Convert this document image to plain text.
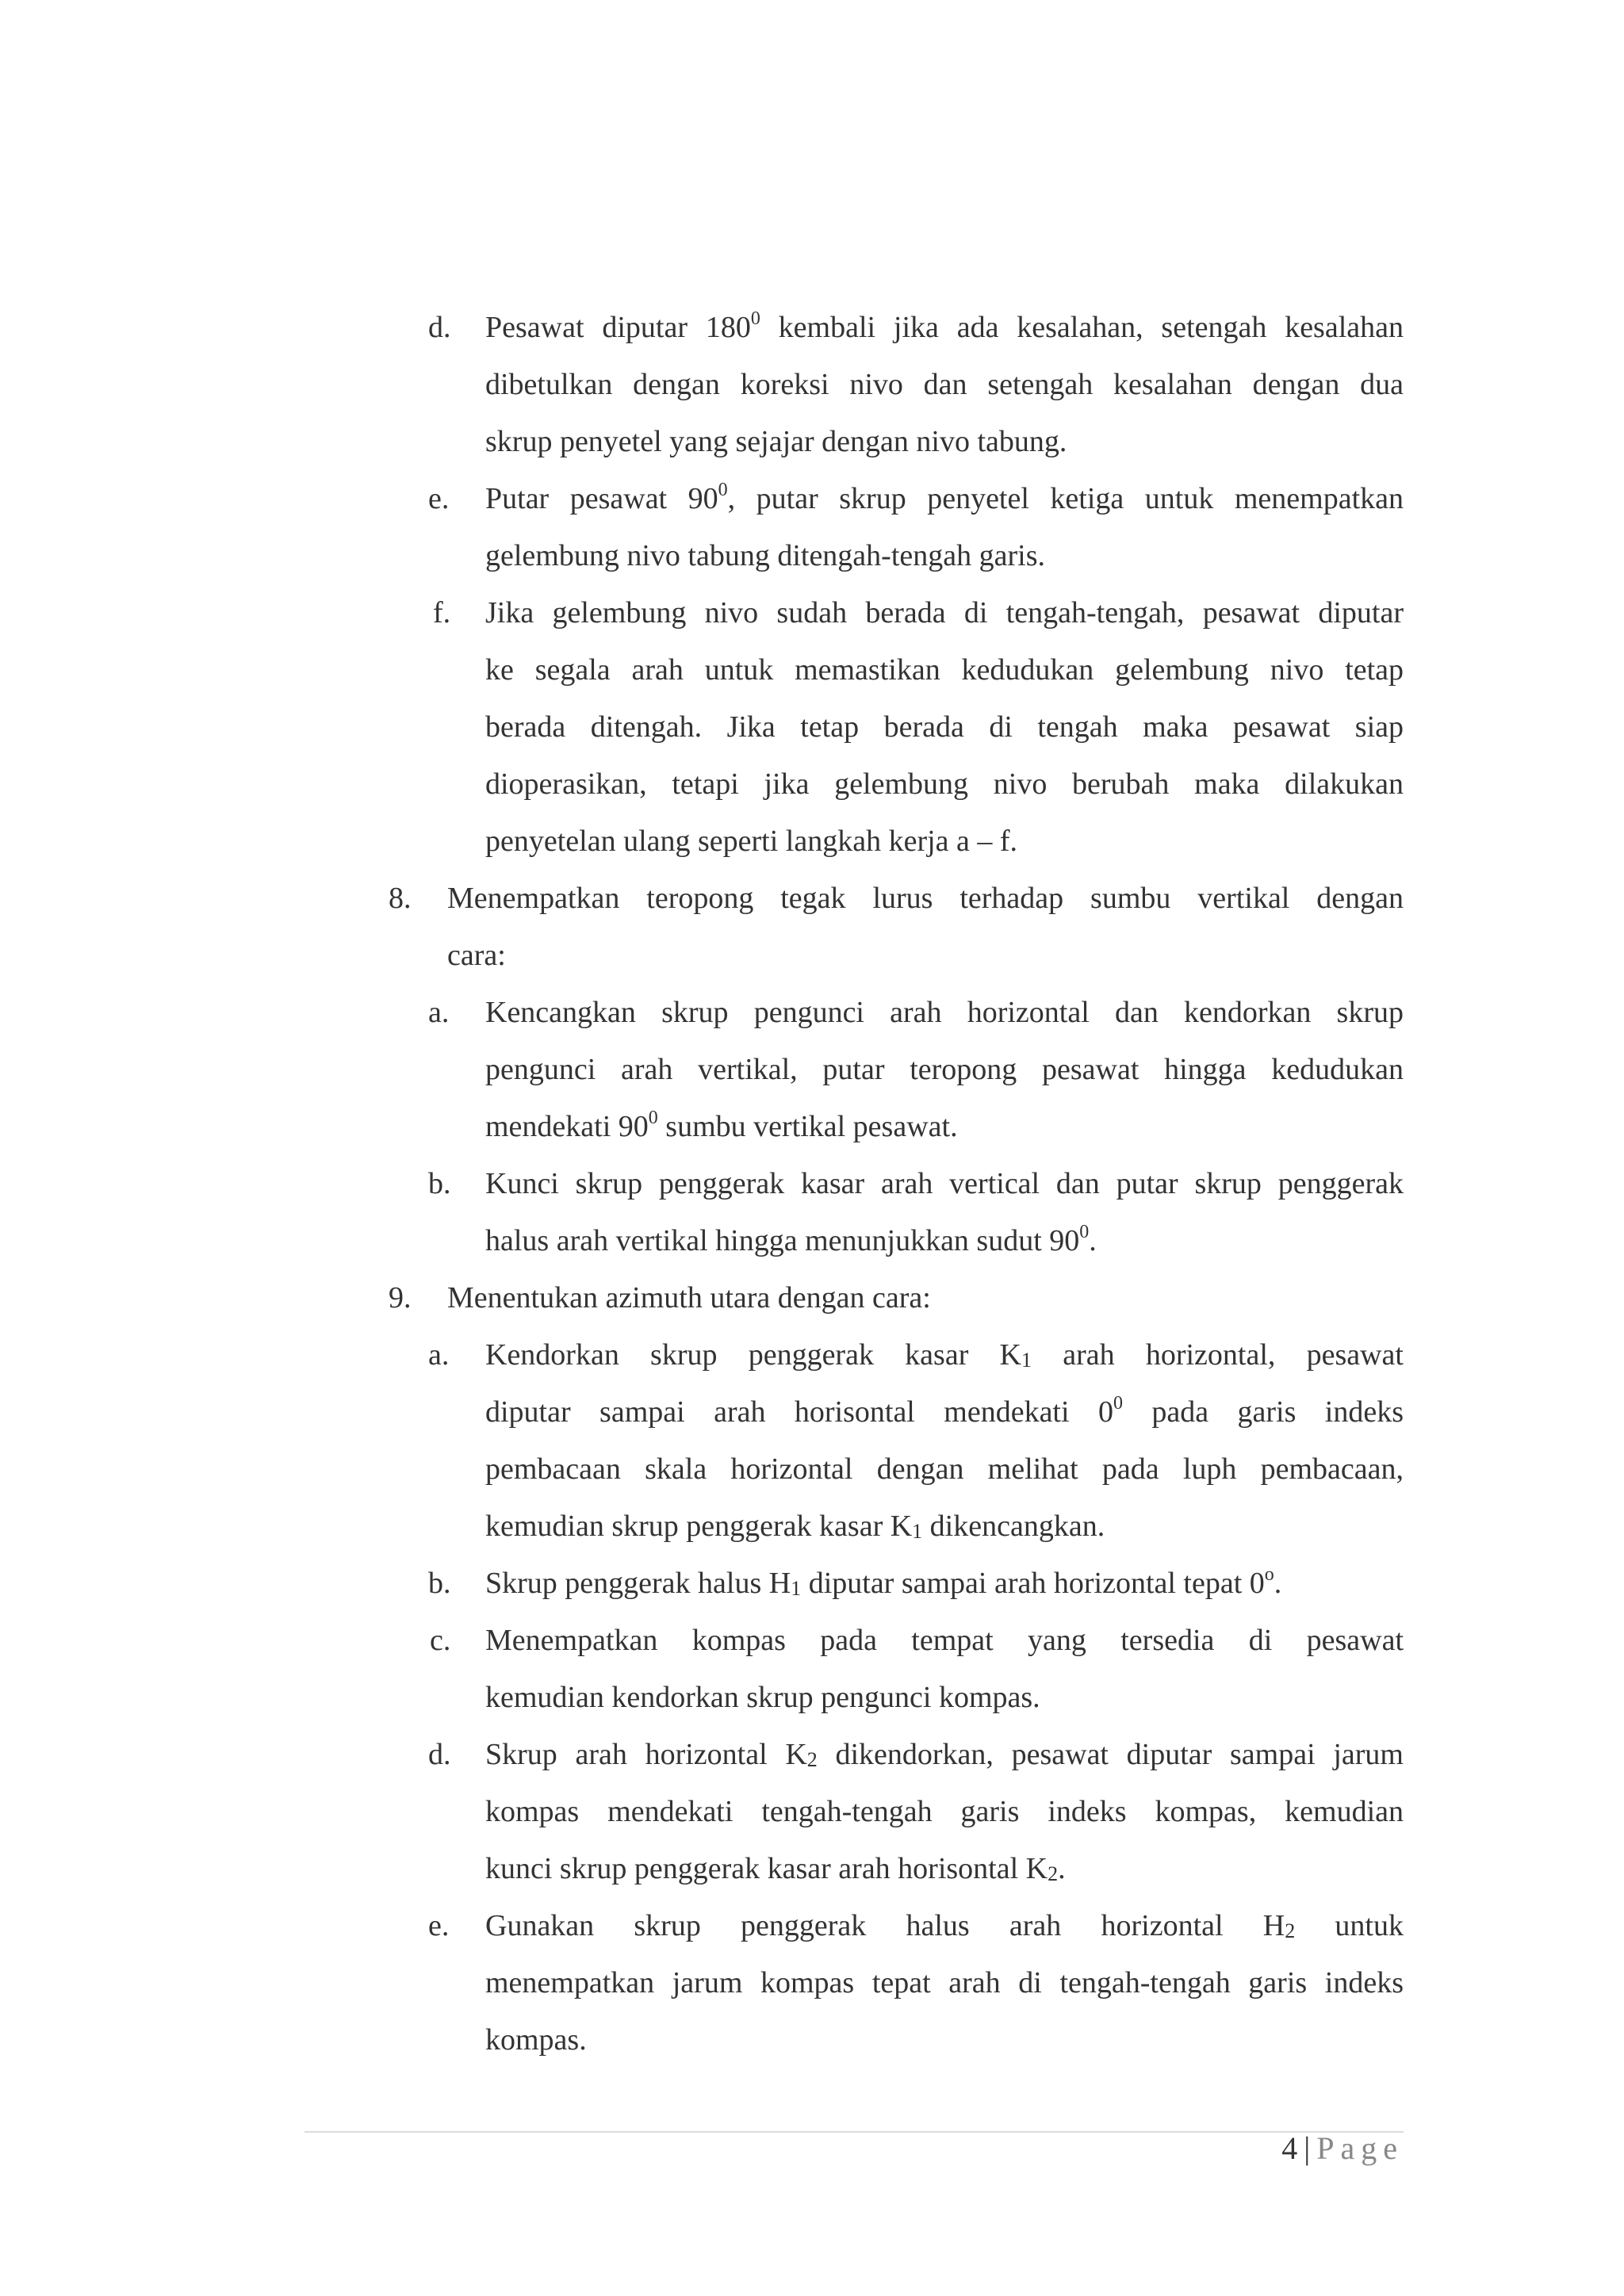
d. Pesawat diputar $180^0$ kembali jika ada kesalahan, setengah kesalahan
dibetulkan dengan koreksi nivo dan setengah kesalahan dengan dua
skrup penyetel yang sejajar dengan nivo tabung.
e. Putar pesawat $90^0$, putar skrup penyetel ketiga untuk menempatkan
gelembung nivo tabung ditengah-tengah garis.
f. Jika gelembung nivo sudah berada di tengah-tengah, pesawat diputar
ke segala arah untuk memastikan kedudukan gelembung nivo tetap
berada ditengah. Jika tetap berada di tengah maka pesawat siap
dioperasikan, tetapi jika gelembung nivo berubah maka dilakukan
penyetelan ulang seperti langkah kerja a – f.
8. Menempatkan teropong tegak lurus terhadap sumbu vertikal dengan
cara:
a. Kencangkan skrup pengunci arah horizontal dan kendorkan skrup
pengunci arah vertikal, putar teropong pesawat hingga kedudukan
mendekati $90^0$ sumbu vertikal pesawat.
b. Kunci skrup penggerak kasar arah vertical dan putar skrup penggerak
halus arah vertikal hingga menunjukkan sudut $90^0$.
9. Menentukan azimuth utara dengan cara:
a. Kendorkan skrup penggerak kasar $K_1$ arah horizontal, pesawat
diputar sampai arah horisontal mendekati $0^0$ pada garis indeks
pembacaan skala horizontal dengan melihat pada luph pembacaan,
kemudian skrup penggerak kasar $K_1$ dikencangkan.
b. Skrup penggerak halus $H_1$ diputar sampai arah horizontal tepat 0$^o$.
c. Menempatkan kompas pada tempat yang tersedia di pesawat
kemudian kendorkan skrup pengunci kompas.
d. Skrup arah horizontal $K_2$ dikendorkan, pesawat diputar sampai jarum
kompas mendekati tengah-tengah garis indeks kompas, kemudian
kunci skrup penggerak kasar arah horisontal $K_2$.
e. Gunakan skrup penggerak halus arah horizontal $H_2$ untuk
menempatkan jarum kompas tepat arah di tengah-tengah garis indeks
kompas.
4 | Page
